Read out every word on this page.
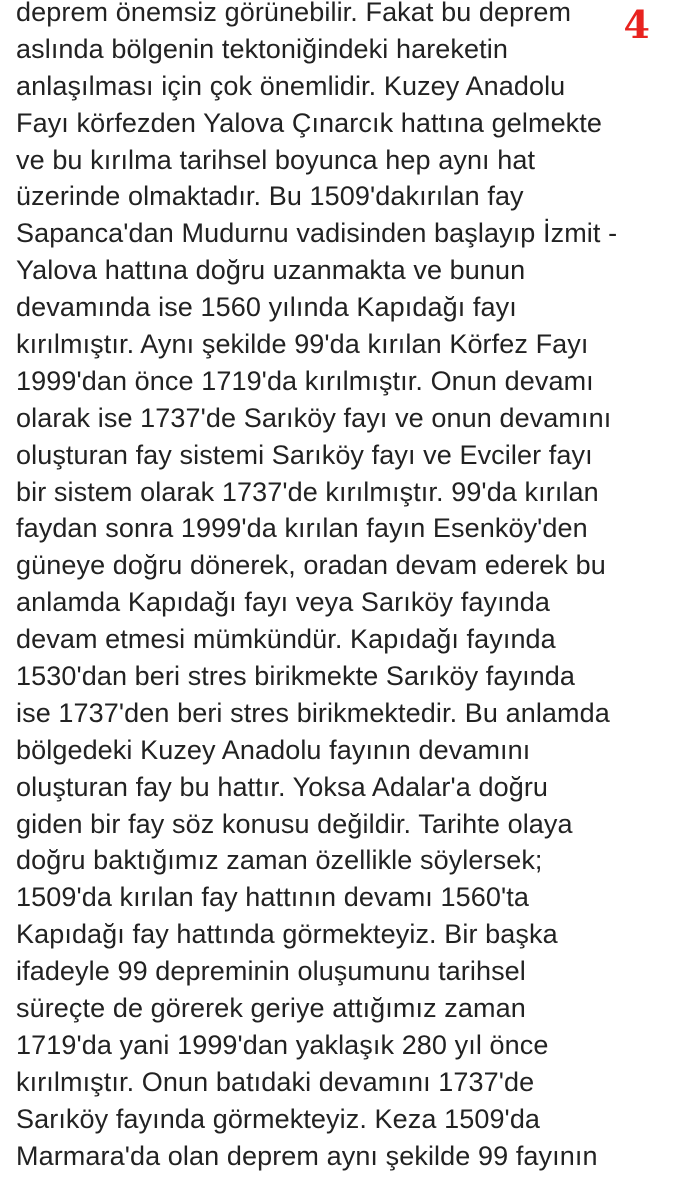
4
deprem önemsiz görünebilir. Fakat bu deprem
aslında bölgenin tektoniğindeki hareketin
anlaşılması için çok önemlidir. Kuzey Anadolu
Fayı körfezden Yalova Çınarcık hattına gelmekte
ve bu kırılma tarihsel boyunca hep aynı hat
üzerinde olmaktadır. Bu 1509'dakırılan fay
Sapanca'dan Mudurnu vadisinden başlayıp İzmit -
Yalova hattına doğru uzanmakta ve bunun
devamında ise 1560 yılında Kapıdağı fayı
kırılmıştır. Aynı şekilde 99'da kırılan Körfez Fayı
1999'dan önce 1719'da kırılmıştır. Onun devamı
olarak ise 1737'de Sarıköy fayı ve onun devamını
oluşturan fay sistemi Sarıköy fayı ve Evciler fayı
bir sistem olarak 1737'de kırılmıştır. 99'da kırılan
faydan sonra 1999'da kırılan fayın Esenköy'den
güneye doğru dönerek, oradan devam ederek bu
anlamda Kapıdağı fayı veya Sarıköy fayında
devam etmesi mümkündür. Kapıdağı fayında
1530'dan beri stres birikmekte Sarıköy fayında
ise 1737'den beri stres birikmektedir. Bu anlamda
bölgedeki Kuzey Anadolu fayının devamını
oluşturan fay bu hattır. Yoksa Adalar'a doğru
giden bir fay söz konusu değildir. Tarihte olaya
doğru baktığımız zaman özellikle söylersek;
1509'da kırılan fay hattının devamı 1560'ta
Kapıdağı fay hattında görmekteyiz. Bir başka
ifadeyle 99 depreminin oluşumunu tarihsel
süreçte de görerek geriye attığımız zaman
1719'da yani 1999'dan yaklaşık 280 yıl önce
kırılmıştır. Onun batıdaki devamını 1737'de
Sarıköy fayında görmekteyiz. Keza 1509'da
Marmara'da olan deprem aynı şekilde 99 fayının
